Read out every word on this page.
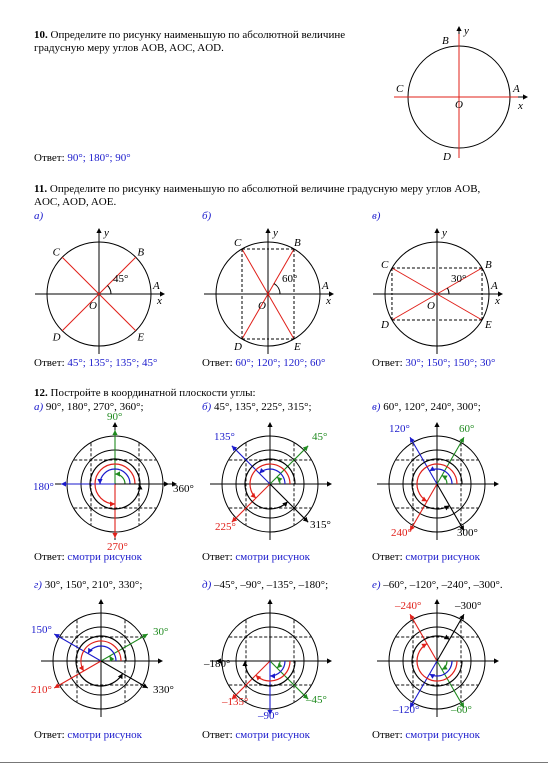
10. Определите по рисунку наименьшую по абсолютной величине
градусную меру углов AOB, AOC, AOD.
Ответ: 90°; 180°; 90°
11. Определите по рисунку наименьшую по абсолютной величине градусную меру углов AOB,
AOC, AOD, AOE.
а)	б)	в)
Ответ: 45°; 135°; 135°; 45°	Ответ: 60°; 120°; 120°; 60°	Ответ: 30°; 150°; 150°; 30°
12. Постройте в координатной плоскости углы:
а) 90°, 180°, 270°, 360°;	б) 45°, 135°, 225°, 315°;	в) 60°, 120°, 240°, 300°;
Ответ: смотри рисунок	Ответ: смотри рисунок	Ответ: смотри рисунок
г) 30°, 150°, 210°, 330°;	д) –45°, –90°, –135°, –180°;	е) –60°, –120°, –240°, –300°.
Ответ: смотри рисунок	Ответ: смотри рисунок	Ответ: смотри рисунок
A
B
C
D
O	x
y
B
C
D	E
A
O	x
y
45°
B
C
D	E
A
O	x
y
60°
B
C
D	E
A
O	x
y
30°
90°
180°
270°
360°
45°
135°
225°	315°
60°
120°
240°	300°
30°
150°
210°	330°
–45°
–90°
–135°
–180°
–60°
–120°
–240°	–300°
